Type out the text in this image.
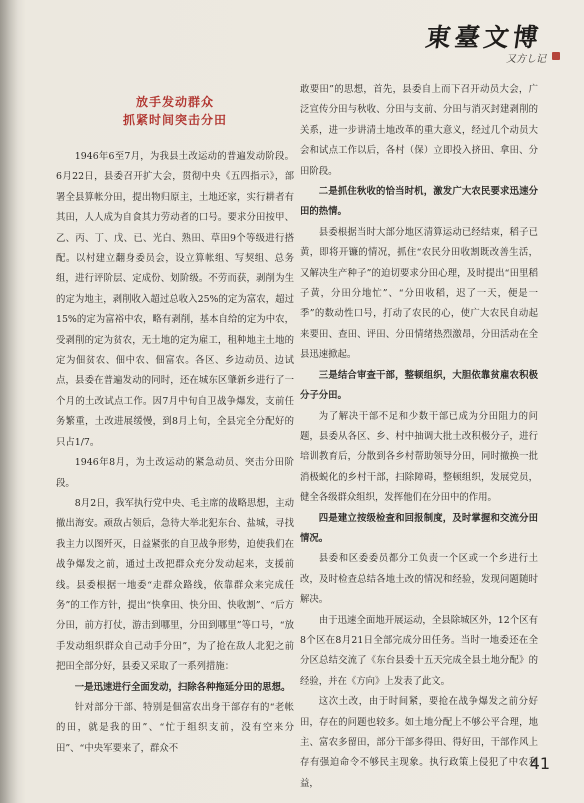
東臺文博
又方し记
放手发动群众
抓紧时间突击分田

1946年6至7月，为我县土改运动的普遍发动阶段。6月22日，县委召开扩大会，贯彻中央《五四指示》，部署全县算帐分田，提出物归原主，土地还家，实行耕者有其田，人人成为自食其力劳动者的口号。要求分田按甲、乙、丙、丁、戊、已、光白、熟田、草田9个等级进行搭配。以村建立翻身委员会，设立算帐组、写契组、总务组，进行评阶层、定成份、划阶级。不劳而获，剥削为生的定为地主，剥削收入超过总收入25%的定为富农，超过15%的定为富裕中农，略有剥削，基本自给的定为中农，受剥削的定为贫农，无土地的定为雇工，租种地主土地的定为佃贫农、佃中农、佃富农。各区、乡边动员、边试点，县委在普遍发动的同时，还在城东区肇新乡进行了一个月的土改试点工作。因7月中旬自卫战争爆发，支前任务繁重，土改进展缓慢，到8月上旬，全县完全分配好的只占1/7。

1946年8月，为土改运动的紧急动员、突击分田阶段。

8月2日，我军执行党中央、毛主席的战略思想，主动撤出海安。顽敌占领后，急待大举北犯东台、盐城，寻找我主力以图歼灭，日益紧张的自卫战争形势，迫使我们在战争爆发之前，通过土改把群众充分发动起来，支援前线。县委根据一地委“走群众路线，依靠群众来完成任务”的工作方针，提出“快拿田、快分田、快收割”、“后方分田，前方打仗，游击到哪里，分田到哪里”等口号，“放手发动组织群众自己动手分田”，为了抢在敌人北犯之前把田全部分好，县委又采取了一系列措施：

一是迅速进行全面发动，扫除各种拖延分田的思想。

针对部分干部、特别是佃富农出身干部存有的“老帐的田，就是我的田”、“忙于组织支前，没有空来分田”、“中央军要来了，群众不

敢要田”的思想，首先，县委自上而下召开动员大会，广泛宣传分田与秋收、分田与支前、分田与消灭封建剥削的关系，进一步讲清土地改革的重大意义，经过几个动员大会和试点工作以后，各村（保）立即投入挤田、拿田、分田阶段。

二是抓住秋收的恰当时机，激发广大农民要求迅速分田的热情。

县委根据当时大部分地区清算运动已经结束，稻子已黄，即将开镰的情况，抓住“农民分田收割既改善生活，又解决生产种子”的迫切要求分田心理，及时提出“田里稻子黄，分田分地忙”、“分田收稻，迟了一天，便是一季”的数动性口号，打动了农民的心，使广大农民自动起来要田、查田、评田、分田情绪热烈激昂，分田活动在全县迅速掀起。

三是结合审查干部，整顿组织，大胆依靠贫雇农积极分子分田。

为了解决干部不足和少数干部已成为分田阻力的问题，县委从各区、乡、村中抽调大批土改积极分子，进行培训教育后，分散到各乡村帮助领导分田，同时撤换一批消极蜕化的乡村干部，扫除障碍，整顿组织，发展党员，健全各级群众组织，发挥他们在分田中的作用。

四是建立按级检查和回报制度，及时掌握和交流分田情况。

县委和区委委员都分工负责一个区或一个乡进行土改，及时检查总结各地土改的情况和经验，发现问题随时解决。

由于迅速全面地开展运动，全县除城区外，12个区有8个区在8月21日全部完成分田任务。当时一地委还在全分区总结交流了《东台县委十五天完成全县土地分配》的经验，并在《方向》上发表了此文。

这次土改，由于时间紧，要抢在战争爆发之前分好田，存在的问题也较多。如土地分配上不够公平合理，地主、富农多留田，部分干部多得田、得好田，干部作风上存有强迫命令不够民主现象。执行政策上侵犯了中农利益，

41
